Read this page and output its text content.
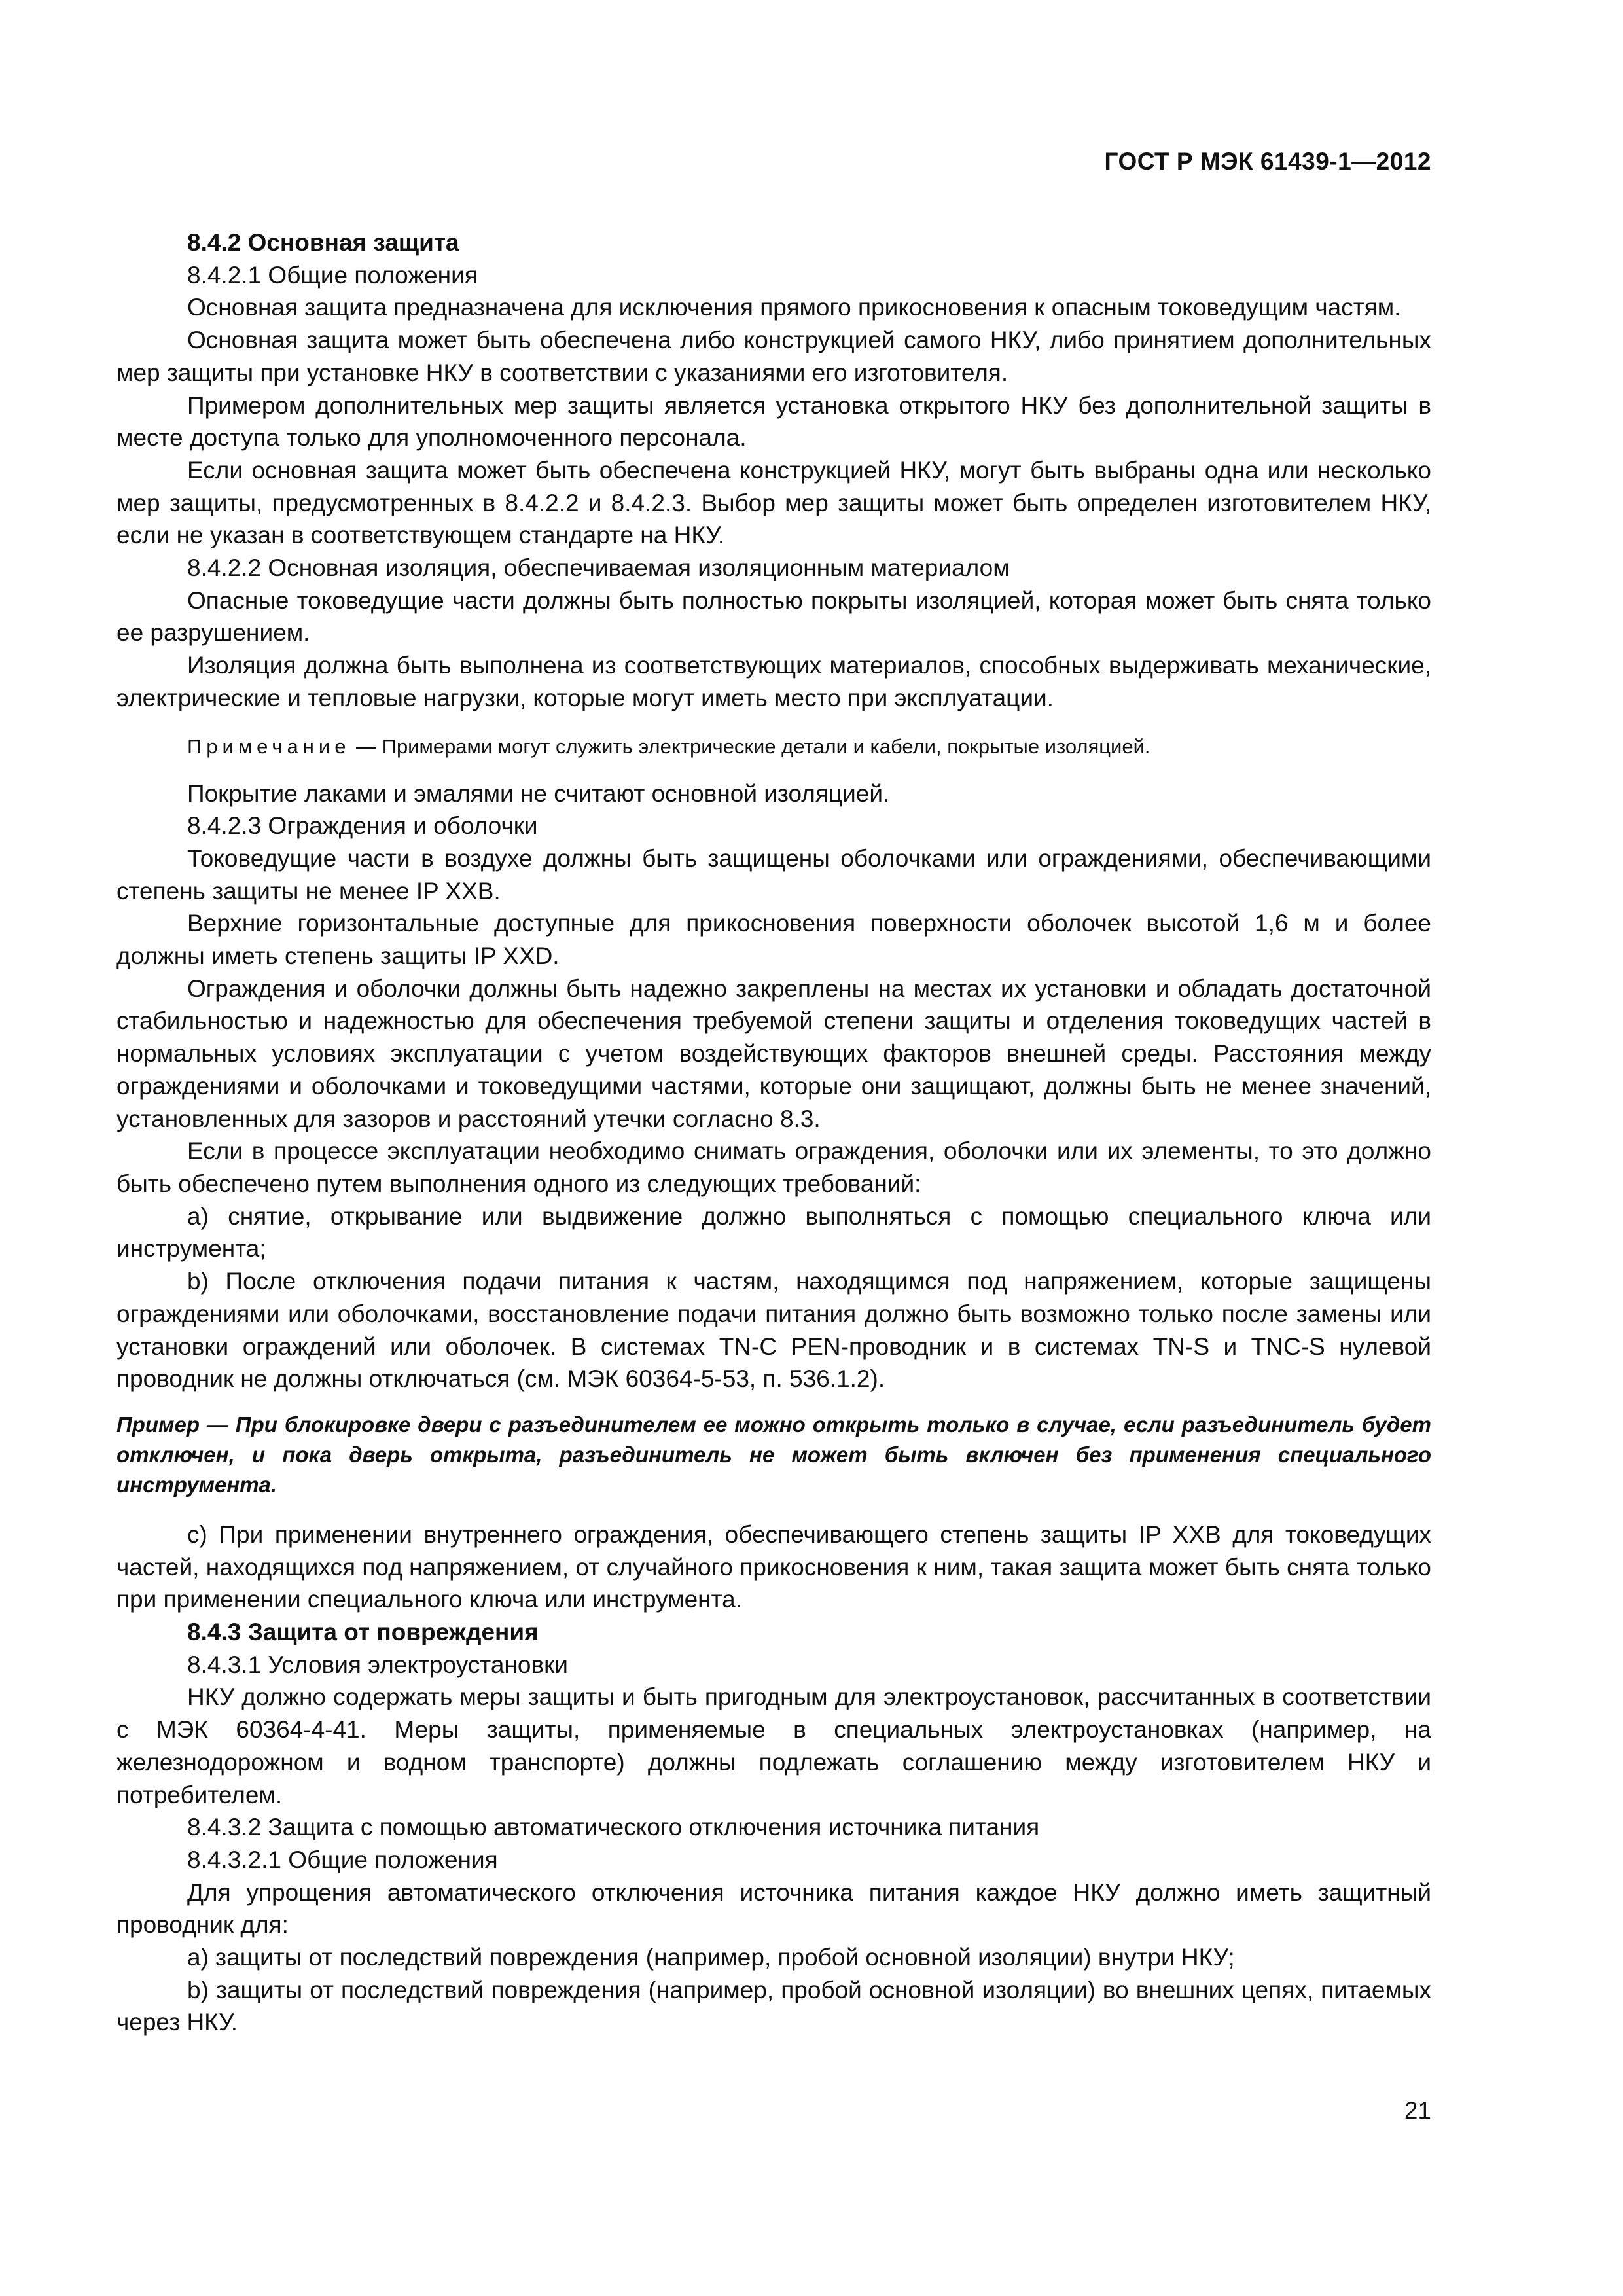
ГОСТ Р МЭК 61439-1—2012

8.4.2 Основная защита

8.4.2.1 Общие положения

Основная защита предназначена для исключения прямого прикосновения к опасным токоведущим частям.

Основная защита может быть обеспечена либо конструкцией самого НКУ, либо принятием дополнительных мер защиты при установке НКУ в соответствии с указаниями его изготовителя.

Примером дополнительных мер защиты является установка открытого НКУ без дополнительной защиты в месте доступа только для уполномоченного персонала.

Если основная защита может быть обеспечена конструкцией НКУ, могут быть выбраны одна или несколько мер защиты, предусмотренных в 8.4.2.2 и 8.4.2.3. Выбор мер защиты может быть определен изготовителем НКУ, если не указан в соответствующем стандарте на НКУ.

8.4.2.2 Основная изоляция, обеспечиваемая изоляционным материалом

Опасные токоведущие части должны быть полностью покрыты изоляцией, которая может быть снята только ее разрушением.

Изоляция должна быть выполнена из соответствующих материалов, способных выдерживать механические, электрические и тепловые нагрузки, которые могут иметь место при эксплуатации.

Примечание — Примерами могут служить электрические детали и кабели, покрытые изоляцией.

Покрытие лаками и эмалями не считают основной изоляцией.

8.4.2.3 Ограждения и оболочки

Токоведущие части в воздухе должны быть защищены оболочками или ограждениями, обеспечивающими степень защиты не менее IP XXB.

Верхние горизонтальные доступные для прикосновения поверхности оболочек высотой 1,6 м и более должны иметь степень защиты IP XXD.

Ограждения и оболочки должны быть надежно закреплены на местах их установки и обладать достаточной стабильностью и надежностью для обеспечения требуемой степени защиты и отделения токоведущих частей в нормальных условиях эксплуатации с учетом воздействующих факторов внешней среды. Расстояния между ограждениями и оболочками и токоведущими частями, которые они защищают, должны быть не менее значений, установленных для зазоров и расстояний утечки согласно 8.3.

Если в процессе эксплуатации необходимо снимать ограждения, оболочки или их элементы, то это должно быть обеспечено путем выполнения одного из следующих требований:

a) снятие, открывание или выдвижение должно выполняться с помощью специального ключа или инструмента;

b) После отключения подачи питания к частям, находящимся под напряжением, которые защищены ограждениями или оболочками, восстановление подачи питания должно быть возможно только после замены или установки ограждений или оболочек. В системах TN-C PEN-проводник и в системах TN-S и TNC-S нулевой проводник не должны отключаться (см. МЭК 60364-5-53, п. 536.1.2).

Пример — При блокировке двери с разъединителем ее можно открыть только в случае, если разъединитель будет отключен, и пока дверь открыта, разъединитель не может быть включен без применения специального инструмента.

c) При применении внутреннего ограждения, обеспечивающего степень защиты IP XXB для токоведущих частей, находящихся под напряжением, от случайного прикосновения к ним, такая защита может быть снята только при применении специального ключа или инструмента.

8.4.3 Защита от повреждения

8.4.3.1 Условия электроустановки

НКУ должно содержать меры защиты и быть пригодным для электроустановок, рассчитанных в соответствии с МЭК 60364-4-41. Меры защиты, применяемые в специальных электроустановках (например, на железнодорожном и водном транспорте) должны подлежать соглашению между изготовителем НКУ и потребителем.

8.4.3.2 Защита с помощью автоматического отключения источника питания

8.4.3.2.1 Общие положения

Для упрощения автоматического отключения источника питания каждое НКУ должно иметь защитный проводник для:

a) защиты от последствий повреждения (например, пробой основной изоляции) внутри НКУ;

b) защиты от последствий повреждения (например, пробой основной изоляции) во внешних цепях, питаемых через НКУ.

21
